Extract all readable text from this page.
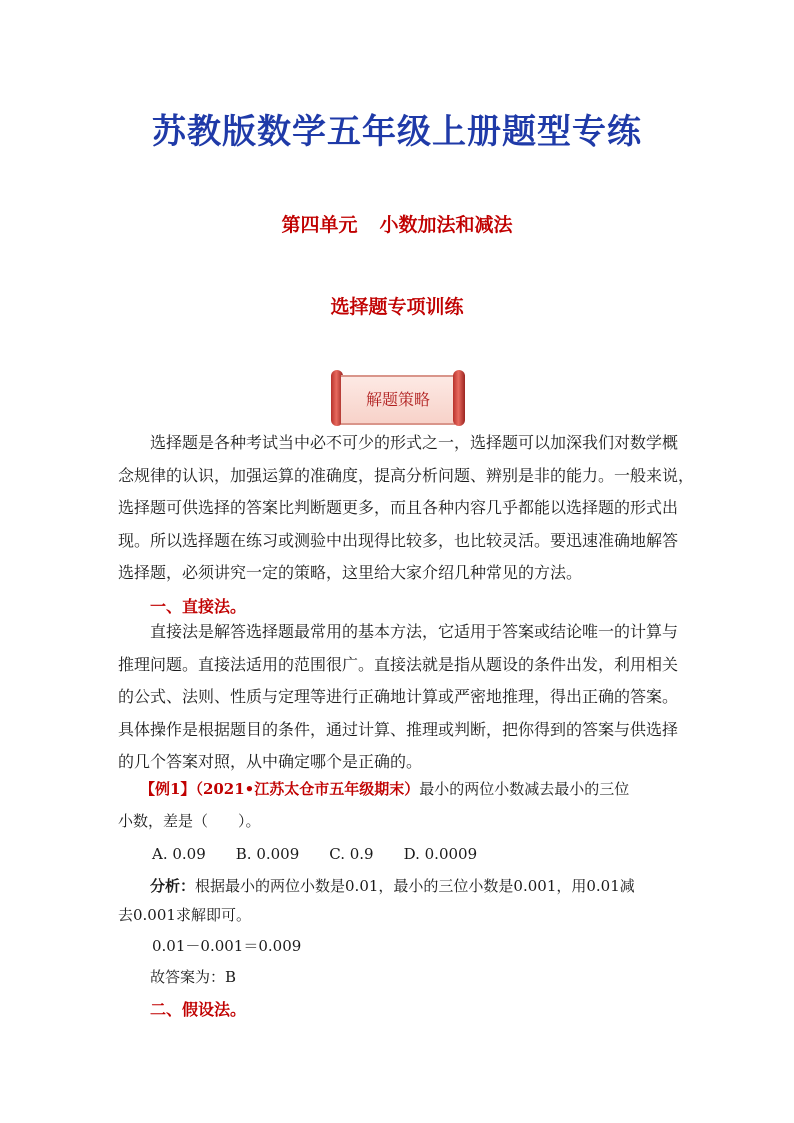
苏教版数学五年级上册题型专练
第四单元 小数加法和减法
选择题专项训练
解题策略
选择题是各种考试当中必不可少的形式之一，选择题可以加深我们对数学概
念规律的认识，加强运算的准确度，提高分析问题、辨别是非的能力。一般来说，
选择题可供选择的答案比判断题更多，而且各种内容几乎都能以选择题的形式出
现。所以选择题在练习或测验中出现得比较多，也比较灵活。要迅速准确地解答
选择题，必须讲究一定的策略，这里给大家介绍几种常见的方法。
一、直接法。
直接法是解答选择题最常用的基本方法，它适用于答案或结论唯一的计算与
推理问题。直接法适用的范围很广。直接法就是指从题设的条件出发，利用相关
的公式、法则、性质与定理等进行正确地计算或严密地推理，得出正确的答案。
具体操作是根据题目的条件，通过计算、推理或判断，把你得到的答案与供选择
的几个答案对照，从中确定哪个是正确的。
【例1】（2021•江苏太仓市五年级期末）最小的两位小数减去最小的三位
小数，差是（　　）。
A. 0.09　　B. 0.009　　C. 0.9　　D. 0.0009
分析：根据最小的两位小数是0.01，最小的三位小数是0.001，用0.01减
去0.001求解即可。
0.01－0.001＝0.009
故答案为：B
二、假设法。
